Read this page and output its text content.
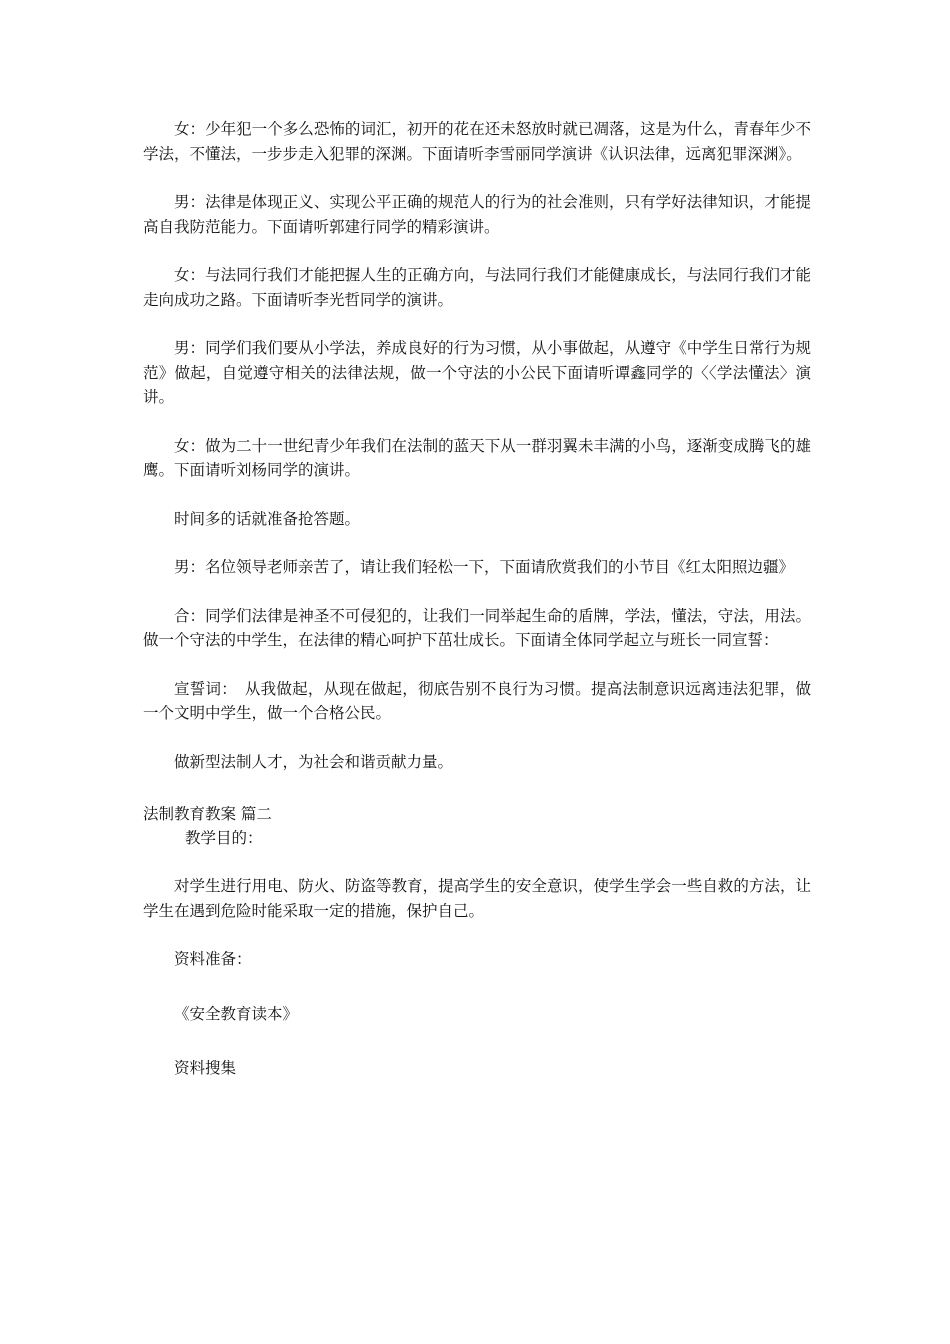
女：少年犯一个多么恐怖的词汇，初开的花在还未怒放时就已凋落，这是为什么，青春年少不学法，不懂法，一步步走入犯罪的深渊。下面请听李雪丽同学演讲《认识法律，远离犯罪深渊》。

男：法律是体现正义、实现公平正确的规范人的行为的社会准则，只有学好法律知识，才能提高自我防范能力。下面请听郭建行同学的精彩演讲。

女：与法同行我们才能把握人生的正确方向，与法同行我们才能健康成长，与法同行我们才能走向成功之路。下面请听李光哲同学的演讲。

男：同学们我们要从小学法，养成良好的行为习惯，从小事做起，从遵守《中学生日常行为规范》做起，自觉遵守相关的法律法规，做一个守法的小公民下面请听谭鑫同学的〈〈学法懂法〉演讲。

女：做为二十一世纪青少年我们在法制的蓝天下从一群羽翼未丰满的小鸟，逐渐变成腾飞的雄鹰。下面请听刘杨同学的演讲。

时间多的话就准备抢答题。

男：名位领导老师亲苦了，请让我们轻松一下，下面请欣赏我们的小节目《红太阳照边疆》

合：同学们法律是神圣不可侵犯的，让我们一同举起生命的盾牌，学法，懂法，守法，用法。做一个守法的中学生，在法律的精心呵护下茁壮成长。下面请全体同学起立与班长一同宣誓：

宣誓词：　从我做起，从现在做起，彻底告别不良行为习惯。提高法制意识远离违法犯罪，做一个文明中学生，做一个合格公民。

做新型法制人才，为社会和谐贡献力量。

法制教育教案 篇二
教学目的：

对学生进行用电、防火、防盗等教育，提高学生的安全意识，使学生学会一些自救的方法，让学生在遇到危险时能采取一定的措施，保护自己。

资料准备：

《安全教育读本》

资料搜集
